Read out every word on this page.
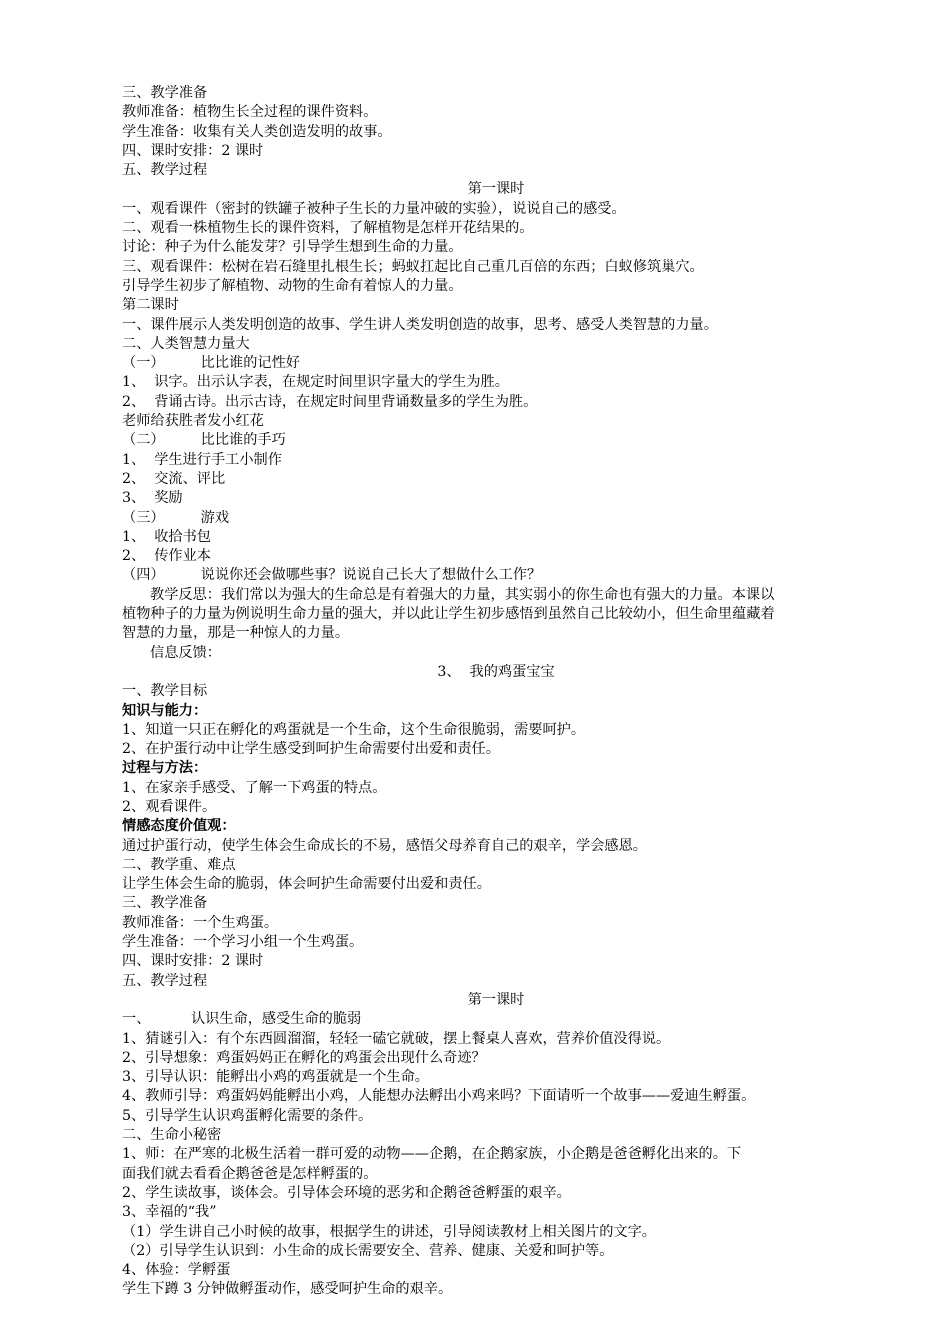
三、教学准备
教师准备：植物生长全过程的课件资料。
学生准备：收集有关人类创造发明的故事。
四、课时安排：2 课时
五、教学过程
第一课时
一、观看课件（密封的铁罐子被种子生长的力量冲破的实验），说说自己的感受。
二、观看一株植物生长的课件资料，了解植物是怎样开花结果的。
讨论：种子为什么能发芽？引导学生想到生命的力量。
三、观看课件：松树在岩石缝里扎根生长；蚂蚁扛起比自己重几百倍的东西；白蚁修筑巢穴。
引导学生初步了解植物、动物的生命有着惊人的力量。
第二课时
一、课件展示人类发明创造的故事、学生讲人类发明创造的故事，思考、感受人类智慧的力量。
二、人类智慧力量大
（一）        比比谁的记性好
1、  识字。出示认字表，在规定时间里识字量大的学生为胜。
2、  背诵古诗。出示古诗，在规定时间里背诵数量多的学生为胜。
老师给获胜者发小红花
（二）        比比谁的手巧
1、  学生进行手工小制作
2、  交流、评比
3、  奖励
（三）        游戏
1、  收拾书包
2、  传作业本
（四）        说说你还会做哪些事？说说自己长大了想做什么工作？
教学反思：我们常以为强大的生命总是有着强大的力量，其实弱小的你生命也有强大的力量。本课以
植物种子的力量为例说明生命力量的强大，并以此让学生初步感悟到虽然自己比较幼小，但生命里蕴藏着
智慧的力量，那是一种惊人的力量。
信息反馈：
3、  我的鸡蛋宝宝
一、教学目标
知识与能力：
1、知道一只正在孵化的鸡蛋就是一个生命，这个生命很脆弱，需要呵护。
2、在护蛋行动中让学生感受到呵护生命需要付出爱和责任。
过程与方法：
1、在家亲手感受、了解一下鸡蛋的特点。
2、观看课件。
情感态度价值观：
通过护蛋行动，使学生体会生命成长的不易，感悟父母养育自己的艰辛，学会感恩。
二、教学重、难点
让学生体会生命的脆弱，体会呵护生命需要付出爱和责任。
三、教学准备
教师准备：一个生鸡蛋。
学生准备：一个学习小组一个生鸡蛋。
四、课时安排：2 课时
五、教学过程
第一课时
一、         认识生命，感受生命的脆弱
1、猜谜引入：有个东西圆溜溜，轻轻一磕它就破，摆上餐桌人喜欢，营养价值没得说。
2、引导想象：鸡蛋妈妈正在孵化的鸡蛋会出现什么奇迹？
3、引导认识：能孵出小鸡的鸡蛋就是一个生命。
4、教师引导：鸡蛋妈妈能孵出小鸡，人能想办法孵出小鸡来吗？下面请听一个故事——爱迪生孵蛋。
5、引导学生认识鸡蛋孵化需要的条件。
二、生命小秘密
1、师：在严寒的北极生活着一群可爱的动物——企鹅，在企鹅家族，小企鹅是爸爸孵化出来的。下
面我们就去看看企鹅爸爸是怎样孵蛋的。
2、学生读故事，谈体会。引导体会环境的恶劣和企鹅爸爸孵蛋的艰辛。
3、幸福的“我”
（1）学生讲自己小时候的故事，根据学生的讲述，引导阅读教材上相关图片的文字。
（2）引导学生认识到：小生命的成长需要安全、营养、健康、关爱和呵护等。
4、体验：学孵蛋
学生下蹲 3 分钟做孵蛋动作，感受呵护生命的艰辛。
